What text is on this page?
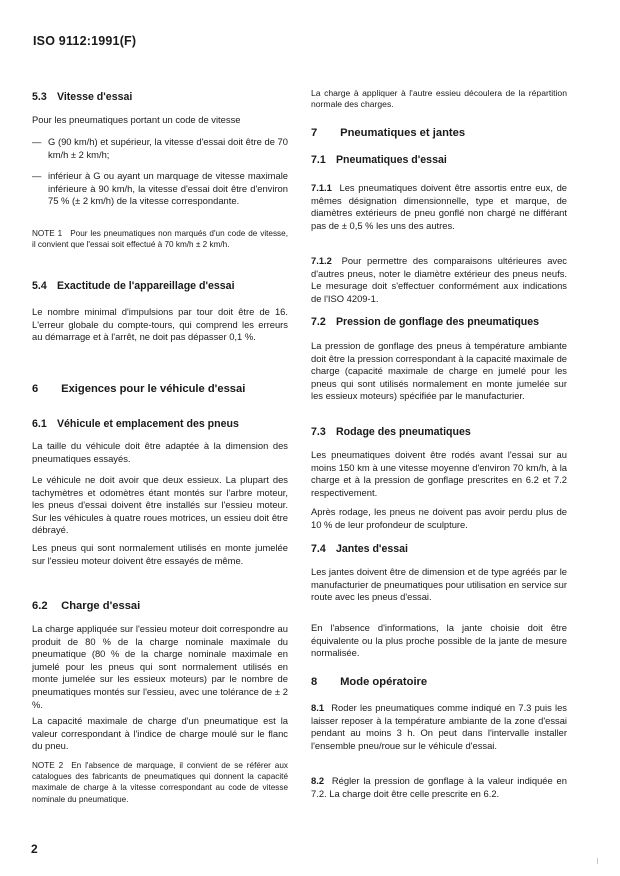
ISO 9112:1991(F)
5.3 Vitesse d'essai

Pour les pneumatiques portant un code de vitesse

— G (90 km/h) et supérieur, la vitesse d'essai doit être de 70 km/h ± 2 km/h;
— inférieur à G ou ayant un marquage de vitesse maximale inférieure à 90 km/h, la vitesse d'essai doit être d'environ 75 % (± 2 km/h) de la vitesse correspondante.
NOTE 1 Pour les pneumatiques non marqués d'un code de vitesse, il convient que l'essai soit effectué à 70 km/h ± 2 km/h.
5.4 Exactitude de l'appareillage d'essai

Le nombre minimal d'impulsions par tour doit être de 16. L'erreur globale du compte-tours, qui comprend les erreurs au démarrage et à l'arrêt, ne doit pas dépasser 0,1 %.

6 Exigences pour le véhicule d'essai
6.1 Véhicule et emplacement des pneus

La taille du véhicule doit être adaptée à la dimension des pneumatiques essayés.

Le véhicule ne doit avoir que deux essieux. La plupart des tachymètres et odomètres étant montés sur l'arbre moteur, les pneus d'essai doivent être installés sur l'essieu moteur. Sur les véhicules à quatre roues motrices, un essieu doit être débrayé.

Les pneus qui sont normalement utilisés en monte jumelée sur l'essieu moteur doivent être essayés de même.

6.2 Charge d'essai

La charge appliquée sur l'essieu moteur doit correspondre au produit de 80 % de la charge nominale maximale du pneumatique (80 % de la charge nominale maximale en jumelé pour les pneus qui sont normalement utilisés en monte jumelée sur les essieux moteurs) par le nombre de pneumatiques montés sur l'essieu, avec une tolérance de ± 2 %.

La capacité maximale de charge d'un pneumatique est la valeur correspondant à l'indice de charge moulé sur le flanc du pneu.

NOTE 2 En l'absence de marquage, il convient de se référer aux catalogues des fabricants de pneumatiques qui donnent la capacité maximale de charge à la vitesse correspondant au code de vitesse nominale du pneumatique.

La charge à appliquer à l'autre essieu découlera de la répartition normale des charges.

7 Pneumatiques et jantes
7.1 Pneumatiques d'essai

7.1.1 Les pneumatiques doivent être assortis entre eux, de mêmes désignation dimensionnelle, type et marque, de diamètres extérieurs de pneu gonflé non chargé ne différant pas de ± 0,5 % les uns des autres.

7.1.2 Pour permettre des comparaisons ultérieures avec d'autres pneus, noter le diamètre extérieur des pneus neufs. Le mesurage doit s'effectuer conformément aux indications de l'ISO 4209-1.

7.2 Pression de gonflage des pneumatiques

La pression de gonflage des pneus à température ambiante doit être la pression correspondant à la capacité maximale de charge (capacité maximale de charge en jumelé pour les pneus qui sont utilisés normalement en monte jumelée sur les essieux moteurs) spécifiée par le manufacturier.

7.3 Rodage des pneumatiques

Les pneumatiques doivent être rodés avant l'essai sur au moins 150 km à une vitesse moyenne d'environ 70 km/h, à la charge et à la pression de gonflage prescrites en 6.2 et 7.2 respectivement.

Après rodage, les pneus ne doivent pas avoir perdu plus de 10 % de leur profondeur de sculpture.

7.4 Jantes d'essai

Les jantes doivent être de dimension et de type agréés par le manufacturier de pneumatiques pour utilisation en service sur route avec les pneus d'essai.

En l'absence d'informations, la jante choisie doit être équivalente ou la plus proche possible de la jante de mesure normalisée.

8 Mode opératoire

8.1 Roder les pneumatiques comme indiqué en 7.3 puis les laisser reposer à la température ambiante de la zone d'essai pendant au moins 3 h. On peut dans l'intervalle installer l'ensemble pneu/roue sur le véhicule d'essai.

8.2 Régler la pression de gonflage à la valeur indiquée en 7.2. La charge doit être celle prescrite en 6.2.

2
